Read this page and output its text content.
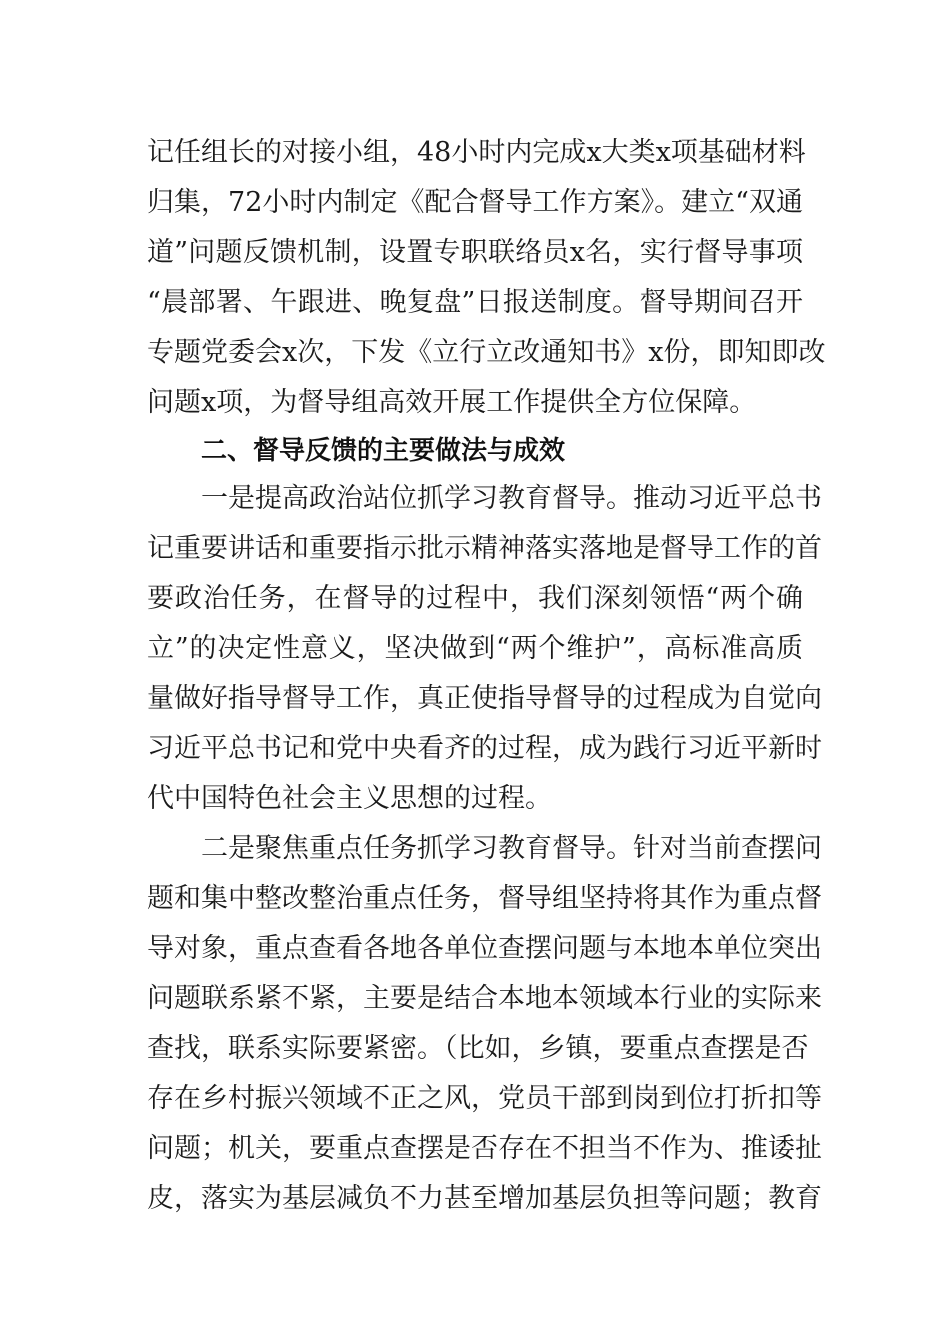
记任组长的对接小组，48小时内完成x大类x项基础材料
归集，72小时内制定《配合督导工作方案》。建立“双通
道”问题反馈机制，设置专职联络员x名，实行督导事项
“晨部署、午跟进、晚复盘”日报送制度。督导期间召开
专题党委会x次，下发《立行立改通知书》x份，即知即改
问题x项，为督导组高效开展工作提供全方位保障。
二、督导反馈的主要做法与成效
一是提高政治站位抓学习教育督导。推动习近平总书
记重要讲话和重要指示批示精神落实落地是督导工作的首
要政治任务，在督导的过程中，我们深刻领悟“两个确
立”的决定性意义，坚决做到“两个维护”，高标准高质
量做好指导督导工作，真正使指导督导的过程成为自觉向
习近平总书记和党中央看齐的过程，成为践行习近平新时
代中国特色社会主义思想的过程。
二是聚焦重点任务抓学习教育督导。针对当前查摆问
题和集中整改整治重点任务，督导组坚持将其作为重点督
导对象，重点查看各地各单位查摆问题与本地本单位突出
问题联系紧不紧，主要是结合本地本领域本行业的实际来
查找，联系实际要紧密。（比如，乡镇，要重点查摆是否
存在乡村振兴领域不正之风，党员干部到岗到位打折扣等
问题；机关，要重点查摆是否存在不担当不作为、推诿扯
皮，落实为基层减负不力甚至增加基层负担等问题；教育
